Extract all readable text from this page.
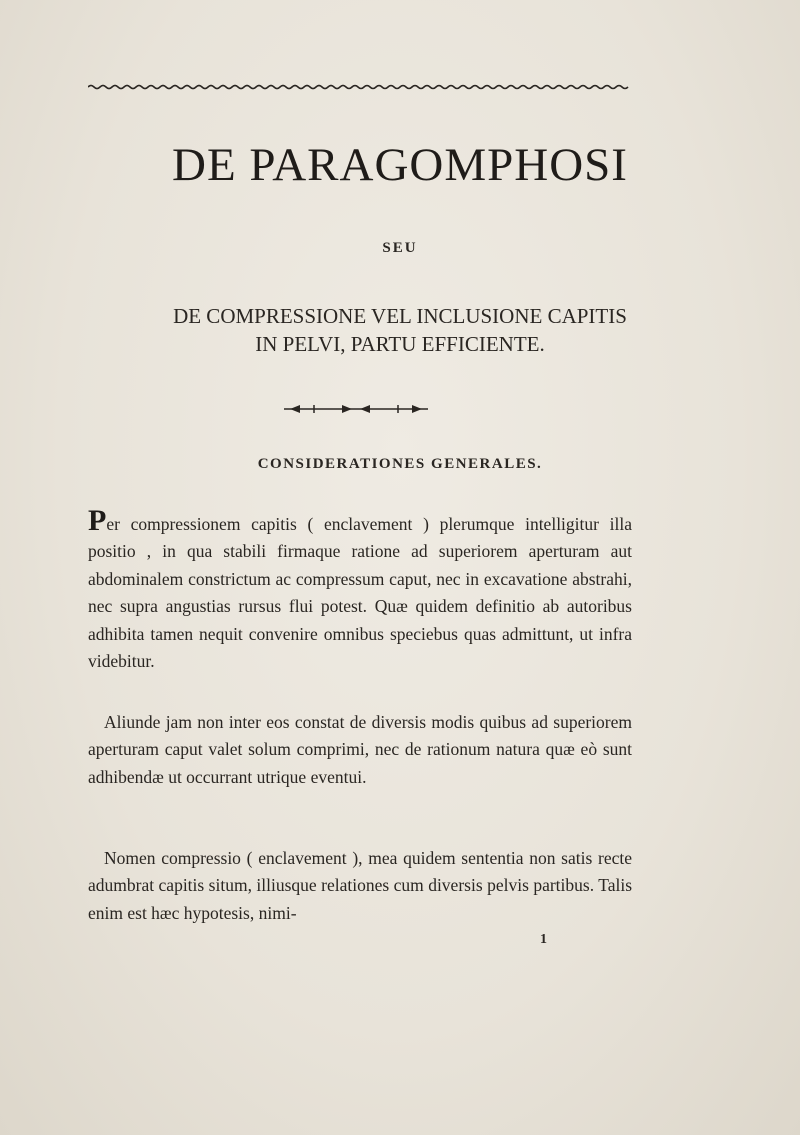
DE PARAGOMPHOSI
SEU
DE COMPRESSIONE VEL INCLUSIONE CAPITIS
IN PELVI, PARTU EFFICIENTE.
CONSIDERATIONES GENERALES.

Per compressionem capitis ( enclavement ) plerumque intelligitur illa positio , in qua stabili firmaque ratione ad superiorem aperturam aut abdominalem constrictum ac compressum caput, nec in excavatione abstrahi, nec supra angustias rursus flui potest. Quæ quidem definitio ab autoribus adhibita tamen nequit convenire omnibus speciebus quas admittunt, ut infra videbitur.

Aliunde jam non inter eos constat de diversis modis quibus ad superiorem aperturam caput valet solum comprimi, nec de rationum natura quæ eò sunt adhibendæ ut occurrant utrique eventui.

Nomen compressio ( enclavement ), mea quidem sententia non satis recte adumbrat capitis situm, illiusque relationes cum diversis pelvis partibus. Talis enim est hæc hypotesis, nimi-

1
